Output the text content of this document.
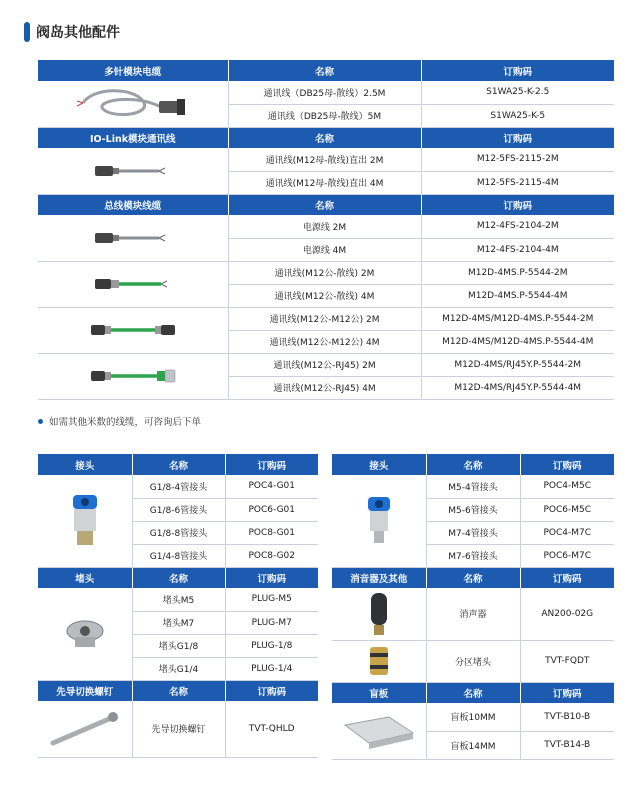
阀岛其他配件
多针模块电缆	名称	订购码

	通讯线（DB25母-散线）2.5M	S1WA25-K-2.5
	通讯线（DB25母-散线）5M	S1WA25-K-5
IO-Link模块通讯线	名称	订购码

	通讯线(M12母-散线)直出 2M	M12-5FS-2115-2M
	通讯线(M12母-散线)直出 4M	M12-5FS-2115-4M
总线模块线缆	名称	订购码

	电源线 2M	M12-4FS-2104-2M
	电源线 4M	M12-4FS-2104-4M

	通讯线(M12公-散线) 2M	M12D-4MS.P-5544-2M
	通讯线(M12公-散线) 4M	M12D-4MS.P-5544-4M

	通讯线(M12公-M12公) 2M	M12D-4MS/M12D-4MS.P-5544-2M
	通讯线(M12公-M12公) 4M	M12D-4MS/M12D-4MS.P-5544-4M

	通讯线(M12公-RJ45) 2M	M12D-4MS/RJ45Y.P-5544-2M
	通讯线(M12公-RJ45) 4M	M12D-4MS/RJ45Y.P-5544-4M
如需其他米数的线缆，可咨询后下单
接头	名称	订购码

	G1/8-4管接头	POC4-G01
	G1/8-6管接头	POC6-G01
	G1/8-8管接头	POC8-G01
	G1/4-8管接头	POC8-G02
堵头	名称	订购码

	堵头M5	PLUG-M5
	堵头M7	PLUG-M7
	堵头G1/8	PLUG-1/8
	堵头G1/4	PLUG-1/4
先导切换螺钉	名称	订购码

	先导切换螺钉	TVT-QHLD
接头	名称	订购码

	M5-4管接头	POC4-M5C
	M5-6管接头	POC6-M5C
	M7-4管接头	POC4-M7C
	M7-6管接头	POC6-M7C
消音器及其他	名称	订购码

	消声器	AN200-02G

	分区堵头	TVT-FQDT
盲板	名称	订购码

	盲板10MM	TVT-B10-B
	盲板14MM	TVT-B14-B
